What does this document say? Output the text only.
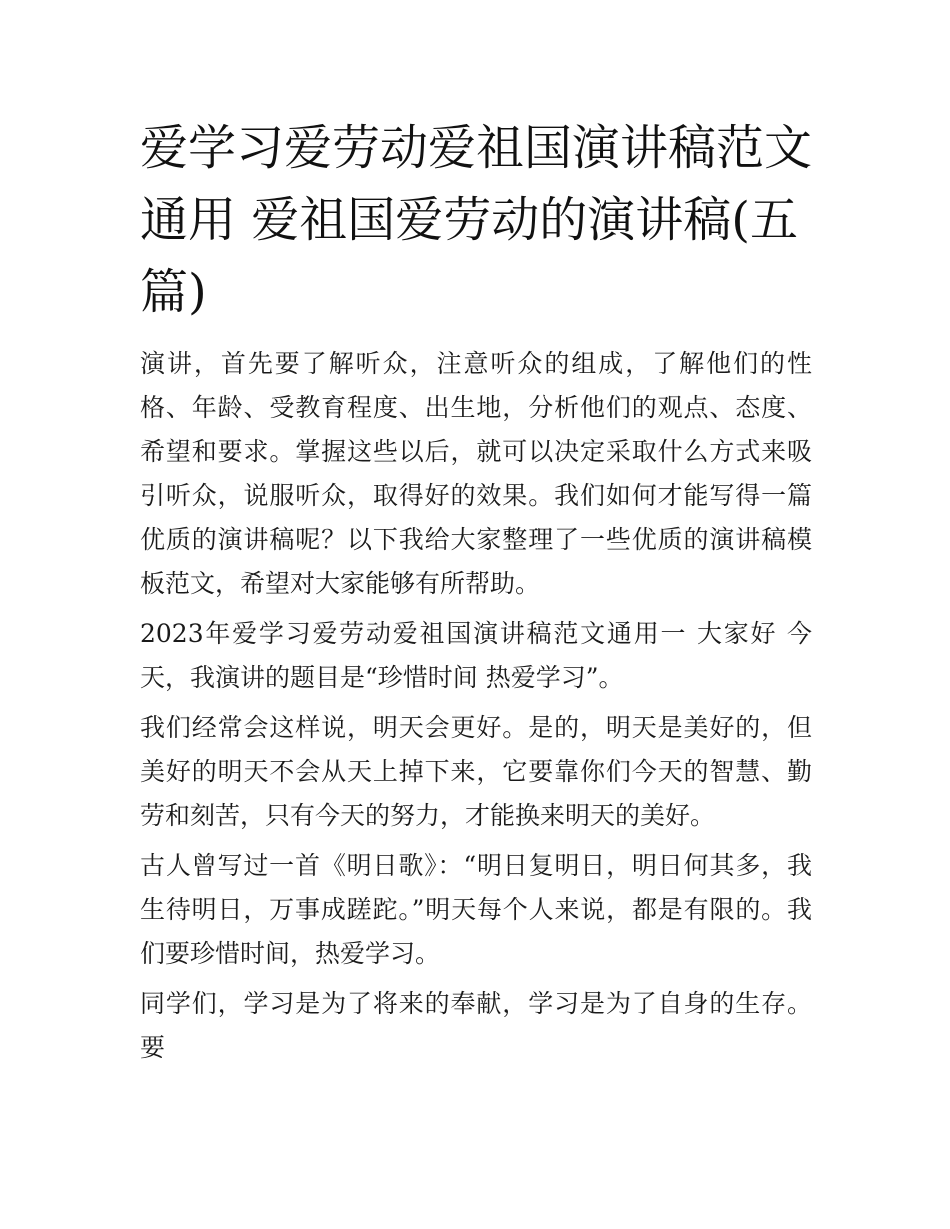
爱学习爱劳动爱祖国演讲稿范文通用 爱祖国爱劳动的演讲稿(五篇)

演讲，首先要了解听众，注意听众的组成，了解他们的性格、年龄、受教育程度、出生地，分析他们的观点、态度、希望和要求。掌握这些以后，就可以决定采取什么方式来吸引听众，说服听众，取得好的效果。我们如何才能写得一篇优质的演讲稿呢？以下我给大家整理了一些优质的演讲稿模板范文，希望对大家能够有所帮助。

2023年爱学习爱劳动爱祖国演讲稿范文通用一 大家好 今天，我演讲的题目是“珍惜时间 热爱学习”。

我们经常会这样说，明天会更好。是的，明天是美好的，但美好的明天不会从天上掉下来，它要靠你们今天的智慧、勤劳和刻苦，只有今天的努力，才能换来明天的美好。

古人曾写过一首《明日歌》：“明日复明日，明日何其多，我生待明日，万事成蹉跎。”明天每个人来说，都是有限的。我们要珍惜时间，热爱学习。

同学们，学习是为了将来的奉献，学习是为了自身的生存。要
